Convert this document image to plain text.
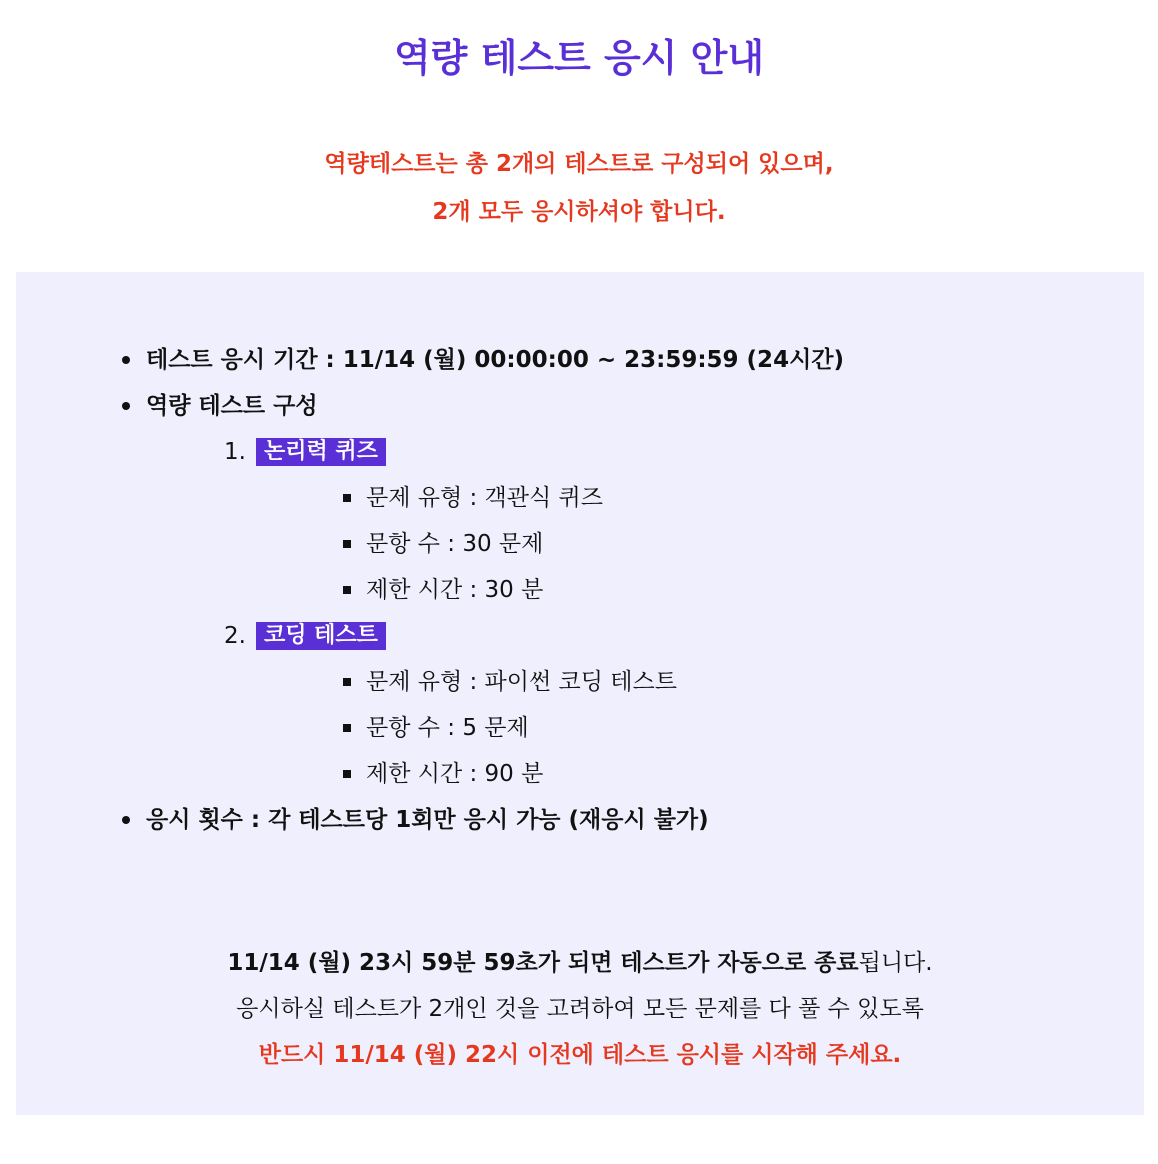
역량 테스트 응시 안내
역량테스트는 총 2개의 테스트로 구성되어 있으며,
2개 모두 응시하셔야 합니다.
테스트 응시 기간 : 11/14 (월) 00:00:00 ~ 23:59:59 (24시간)
역량 테스트 구성
1. 논리력 퀴즈
문제 유형 : 객관식 퀴즈
문항 수 : 30 문제
제한 시간 : 30 분
2. 코딩 테스트
문제 유형 : 파이썬 코딩 테스트
문항 수 : 5 문제
제한 시간 : 90 분
응시 횟수 : 각 테스트당 1회만 응시 가능 (재응시 불가)
11/14 (월) 23시 59분 59초가 되면 테스트가 자동으로 종료됩니다.
응시하실 테스트가 2개인 것을 고려하여 모든 문제를 다 풀 수 있도록
반드시 11/14 (월) 22시 이전에 테스트 응시를 시작해 주세요.
